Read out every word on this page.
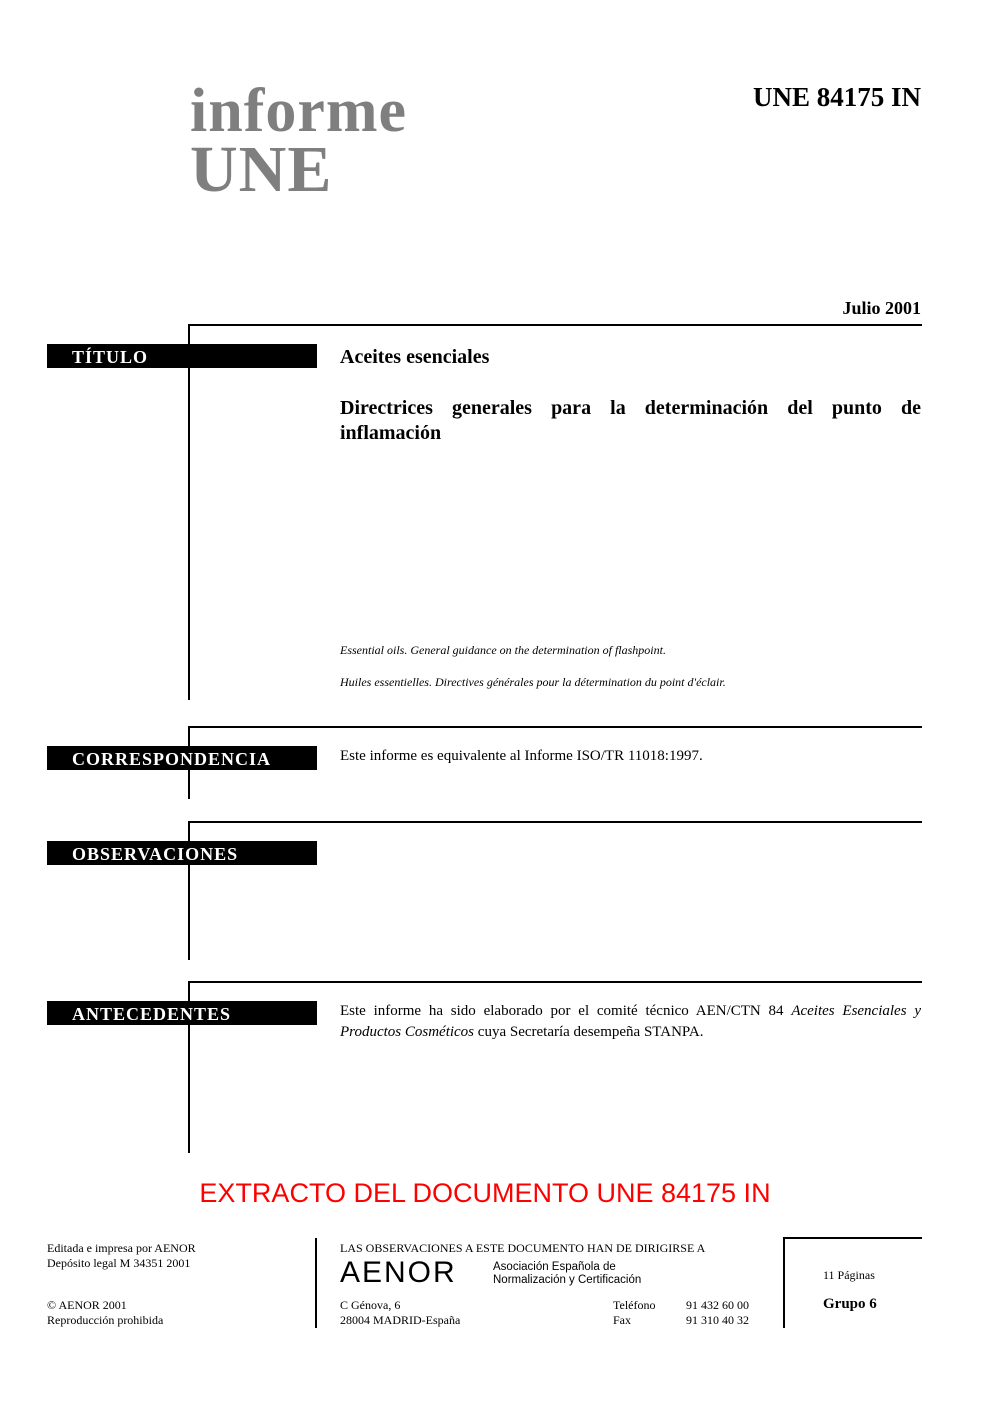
informe
UNE
UNE 84175 IN
Julio 2001
TÍTULO	Aceites esenciales
Directrices generales para la determinación del punto de inflamación
Essential oils. General guidance on the determination of flashpoint.
Huiles essentielles. Directives générales pour la détermination du point d'éclair.
CORRESPONDENCIA	Este informe es equivalente al Informe ISO/TR 11018:1997.
OBSERVACIONES
ANTECEDENTES	Este informe ha sido elaborado por el comité técnico AEN/CTN 84 Aceites Esenciales y Productos Cosméticos cuya Secretaría desempeña STANPA.
EXTRACTO DEL DOCUMENTO UNE 84175 IN
Editada e impresa por AENOR
Depósito legal M 34351 2001
© AENOR 2001
Reproducción prohibida
LAS OBSERVACIONES A ESTE DOCUMENTO HAN DE DIRIGIRSE A
AENOR	Asociación Española de
Normalización y Certificación
C Génova, 6
28004 MADRID-España
Teléfono	91 432 60 00
Fax	91 310 40 32
11 Páginas
Grupo 6
